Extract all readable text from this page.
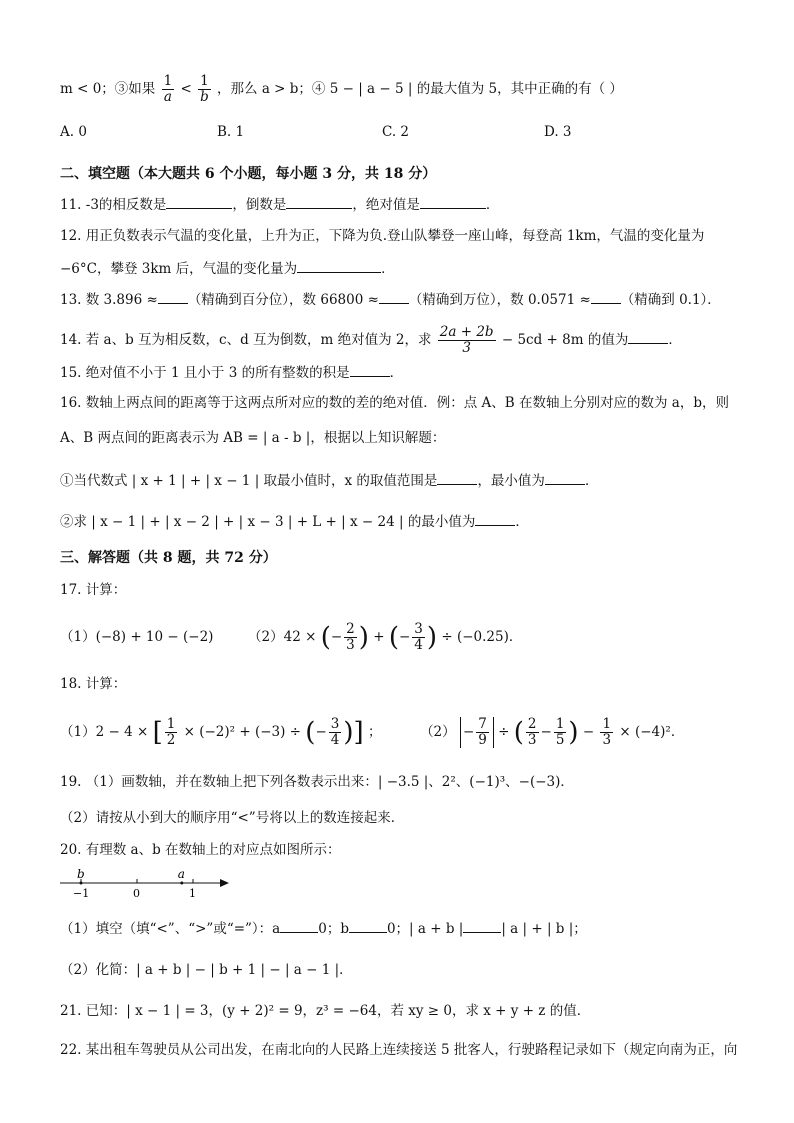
m < 0；③如果 $\frac{1}{a} < \frac{1}{b}$ ，那么 a > b；④ 5 − | a − 5 | 的最大值为 5，其中正确的有（ ）
A. 0	B. 1	C. 2	D. 3
二、填空题（本大题共 6 个小题，每小题 3 分，共 18 分）
11. -3的相反数是	，倒数是	，绝对值是	．
12. 用正负数表示气温的变化量，上升为正，下降为负.登山队攀登一座山峰，每登高 1km，气温的变化量为
−6°C，攀登 3km 后，气温的变化量为	．
13. 数 3.896 ≈ （精确到百分位），数 66800 ≈ （精确到万位），数 0.0571 ≈ （精确到 0.1）．
14. 若 a、b 互为相反数，c、d 互为倒数，m 绝对值为 2，求 $\frac{2a + 2b}{3} - 5cd + 8m$ 的值为	．
15. 绝对值不小于 1 且小于 3 的所有整数的积是	．
16. 数轴上两点间的距离等于这两点所对应的数的差的绝对值．例：点 A、B 在数轴上分别对应的数为 a，b，则
A、B 两点间的距离表示为 AB = | a - b |，根据以上知识解题：
①当代数式 | x + 1 | + | x − 1 | 取最小值时，x 的取值范围是	，最小值为	．
②求 | x − 1 | + | x − 2 | + | x − 3 | + L + | x − 24 | 的最小值为	．
三、解答题（共 8 题，共 72 分）
17. 计算：
（1）(−8) + 10 − (−2)	（2）42 × (− $\frac{2}{3}$ ) + (− $\frac{3}{4}$ ) ÷ (−0.25)．
18. 计算：
（1）2 − 4 × [ $\frac{1}{2} \times (-2)^2 + (-3)$ ÷ (− $\frac{3}{4}$ )] ；	$(2) - \frac{7}{9}$ ÷ ( $\frac{2}{3} - \frac{1}{5}$ ) − $\frac{1}{3} \times (-4)^2$．
19. （1）画数轴，并在数轴上把下列各数表示出来：| −3.5 |、2²、(−1)³、−(−3)．
（2）请按从小到大的顺序用“<”号将以上的数连接起来．
20. 有理数 a、b 在数轴上的对应点如图所示：
b	a
−1	0	1
（1）填空（填“<”、“>”或“=”）：a	0；b	0；| a + b |	| a | + | b |；
（2）化简：| a + b | − | b + 1 | − | a − 1 |．
21. 已知：| x − 1 | = 3，(y + 2)² = 9，z³ = −64，若 xy ≥ 0，求 x + y + z 的值．
22. 某出租车驾驶员从公司出发，在南北向的人民路上连续接送 5 批客人，行驶路程记录如下（规定向南为正，向
